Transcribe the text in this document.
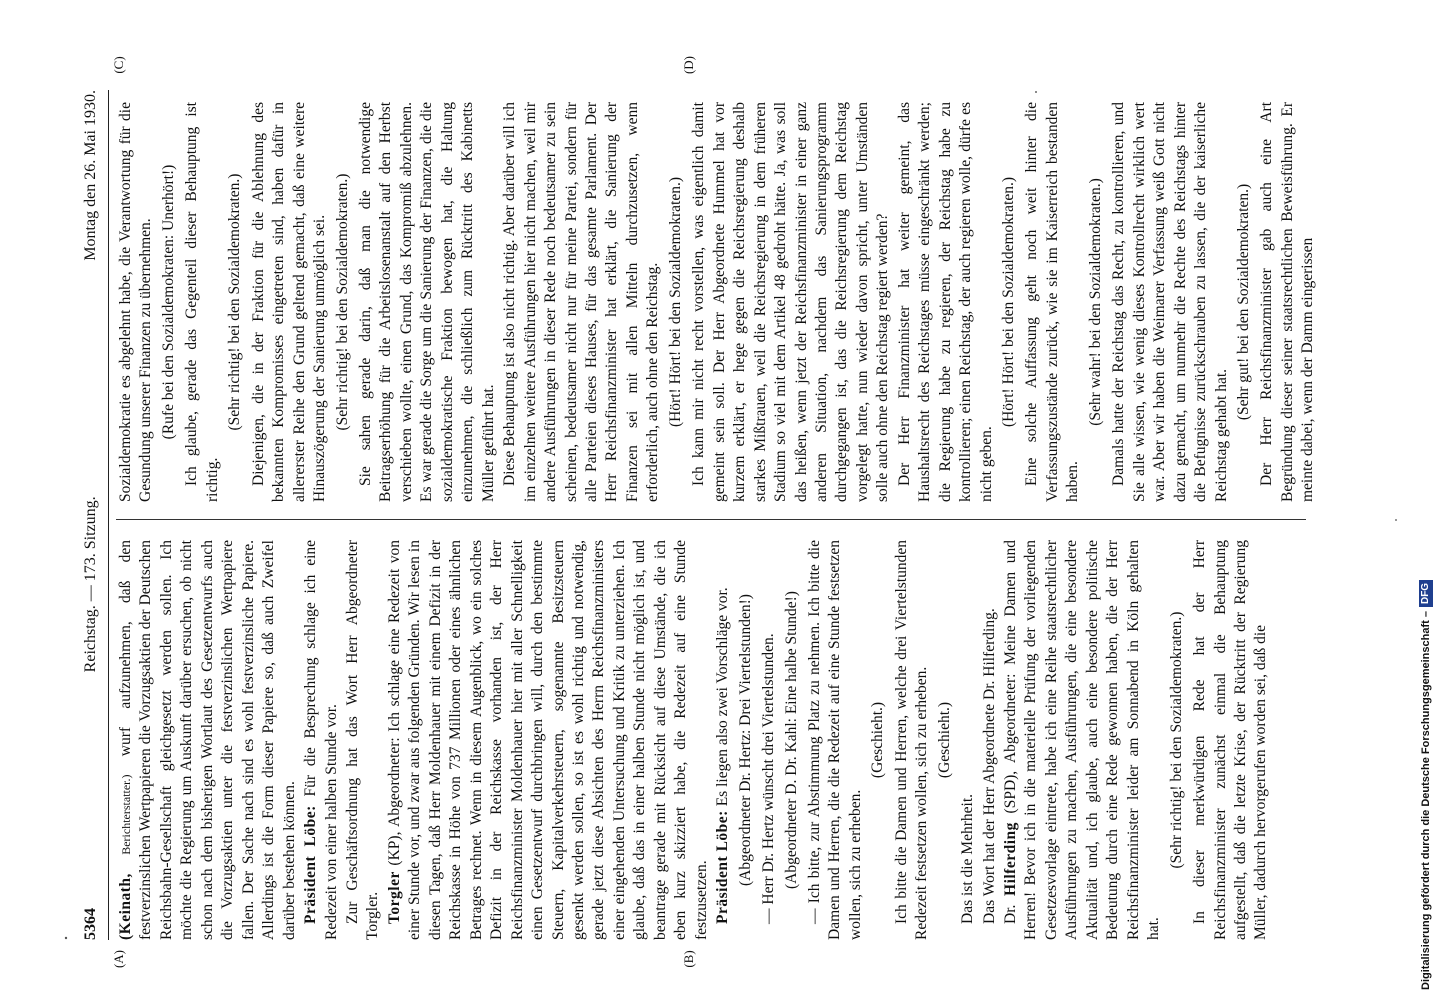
5364
Reichstag. — 173. Sitzung.
Montag den 26. Mai 1930.
(A)	(B)
(C)	(D)

(Keinath, Berichterstatter.) wurf aufzunehmen, daß den festverzinslichen Wertpapieren die Vorzugsaktien der Deutschen Reichsbahn-Gesellschaft gleichgesetzt werden sollen. Ich möchte die Regierung um Auskunft darüber ersuchen, ob nicht schon nach dem bisherigen Wortlaut des Gesetzentwurfs auch die Vorzugsaktien unter die festverzinslichen Wertpapiere fallen. Der Sache nach sind es wohl festverzinsliche Papiere. Allerdings ist die Form dieser Papiere so, daß auch Zweifel darüber bestehen können. Präsident Löbe: Für die Besprechung schlage ich eine Redezeit von einer halben Stunde vor. Zur Geschäftsordnung hat das Wort Herr Abgeordneter Torgler. Torgler (KP), Abgeordneter: Ich schlage eine Redezeit von einer Stunde vor, und zwar aus folgenden Gründen. Wir lesen in diesen Tagen, daß Herr Moldenhauer mit einem Defizit in der Reichskasse in Höhe von 737 Millionen oder eines ähnlichen Betrages rechnet. Wenn in diesem Augenblick, wo ein solches Defizit in der Reichskasse vorhanden ist, der Herr Reichsfinanzminister Moldenhauer hier mit aller Schnelligkeit einen Gesetzentwurf durchbringen will, durch den bestimmte Steuern, Kapitalverkehrsteuern, sogenannte Besitzsteuern gesenkt werden sollen, so ist es wohl richtig und notwendig, gerade jetzt diese Absichten des Herrn Reichsfinanzministers einer eingehenden Untersuchung und Kritik zu unterziehen. Ich glaube, daß das in einer halben Stunde nicht möglich ist, und beantrage gerade mit Rücksicht auf diese Umstände, die ich eben kurz skizziert habe, die Redezeit auf eine Stunde festzusetzen. Präsident Löbe: Es liegen also zwei Vorschläge vor. (Abgeordneter Dr. Hertz: Drei Viertelstunden!) — Herr Dr. Hertz wünscht drei Viertelstunden. (Abgeordneter D. Dr. Kahl: Eine halbe Stunde!) — Ich bitte, zur Abstimmung Platz zu nehmen. Ich bitte die Damen und Herren, die die Redezeit auf eine Stunde festsetzen wollen, sich zu erheben.

(Geschieht.) Ich bitte die Damen und Herren, welche drei Viertelstunden Redezeit festsetzen wollen, sich zu erheben. (Geschieht.)

Das ist die Mehrheit. Das Wort hat der Herr Abgeordnete Dr. Hilferding. Dr. Hilferding (SPD), Abgeordneter: Meine Damen und Herren! Bevor ich in die materielle Prüfung der vorliegenden Gesetzesvorlage eintrete, habe ich eine Reihe staatsrechtlicher Ausführungen zu machen, Ausführungen, die eine besondere Aktualität und, ich glaube, auch eine besondere politische Bedeutung durch eine Rede gewonnen haben, die der Herr Reichsfinanzminister leider am Sonnabend in Köln gehalten hat.

(Sehr richtig! bei den Sozialdemokraten.) In dieser merkwürdigen Rede hat der Herr Reichsfinanzminister zunächst einmal die Behauptung aufgestellt, daß die letzte Krise, der Rücktritt der Regierung Müller, dadurch hervorgerufen worden sei, daß die

Sozialdemokratie es abgelehnt habe, die Verantwortung für die Gesundung unserer Finanzen zu übernehmen. (Rufe bei den Sozialdemokraten: Unerhört!) Ich glaube, gerade das Gegenteil dieser Behauptung ist richtig.

(Sehr richtig! bei den Sozialdemokraten.) Diejenigen, die in der Fraktion für die Ablehnung des bekannten Kompromisses eingetreten sind, haben dafür in allererster Reihe den Grund geltend gemacht, daß eine weitere Hinauszögerung der Sanierung unmöglich sei. (Sehr richtig! bei den Sozialdemokraten.) Sie sahen gerade darin, daß man die notwendige Beitragserhöhung für die Arbeitslosenanstalt auf den Herbst verschieben wollte, einen Grund, das Kompromiß abzulehnen. Es war gerade die Sorge um die Sanierung der Finanzen, die die sozialdemokratische Fraktion bewogen hat, die Haltung einzunehmen, die schließlich zum Rücktritt des Kabinetts Müller geführt hat. Diese Behauptung ist also nicht richtig. Aber darüber will ich im einzelnen weitere Ausführungen hier nicht machen, weil mir andere Ausführungen in dieser Rede noch bedeutsamer zu sein scheinen, bedeutsamer nicht nur für meine Partei, sondern für alle Parteien dieses Hauses, für das gesamte Parlament. Der Herr Reichsfinanzminister hat erklärt, die Sanierung der Finanzen sei mit allen Mitteln durchzusetzen, wenn erforderlich, auch ohne den Reichstag. (Hört! Hört! bei den Sozialdemokraten.) Ich kann mir nicht recht vorstellen, was eigentlich damit gemeint sein soll. Der Herr Abgeordnete Hummel hat vor kurzem erklärt, er hege gegen die Reichsregierung deshalb starkes Mißtrauen, weil die Reichsregierung in dem früheren Stadium so viel mit dem Artikel 48 gedroht hätte. Ja, was soll das heißen, wenn jetzt der Reichsfinanzminister in einer ganz anderen Situation, nachdem das Sanierungsprogramm durchgegangen ist, das die Reichsregierung dem Reichstag vorgelegt hatte, nun wieder davon spricht, unter Umständen solle auch ohne den Reichstag regiert werden? Der Herr Finanzminister hat weiter gemeint, das Haushaltsrecht des Reichstages müsse eingeschränkt werden; die Regierung habe zu regieren, der Reichstag habe zu kontrollieren; einen Reichstag, der auch regieren wolle, dürfe es nicht geben.

(Hört! Hört! bei den Sozialdemokraten.) Eine solche Auffassung geht noch weit hinter die Verfassungszustände zurück, wie sie im Kaiserreich bestanden haben.

(Sehr wahr! bei den Sozialdemokraten.) Damals hatte der Reichstag das Recht, zu kontrollieren, und Sie alle wissen, wie wenig dieses Kontrollrecht wirklich wert war. Aber wir haben die Weimarer Verfassung weiß Gott nicht dazu gemacht, um nunmehr die Rechte des Reichstags hinter die Befugnisse zurückschrauben zu lassen, die der kaiserliche Reichstag gehabt hat.

(Sehr gut! bei den Sozialdemokraten.) Der Herr Reichsfinanzminister gab auch eine Art Begründung dieser seiner staatsrechtlichen Beweisführung. Er meinte dabei, wenn der Damm eingerissen

Digitalisierung gefördert durch die Deutsche Forschungsgemeinschaft –
DFG
